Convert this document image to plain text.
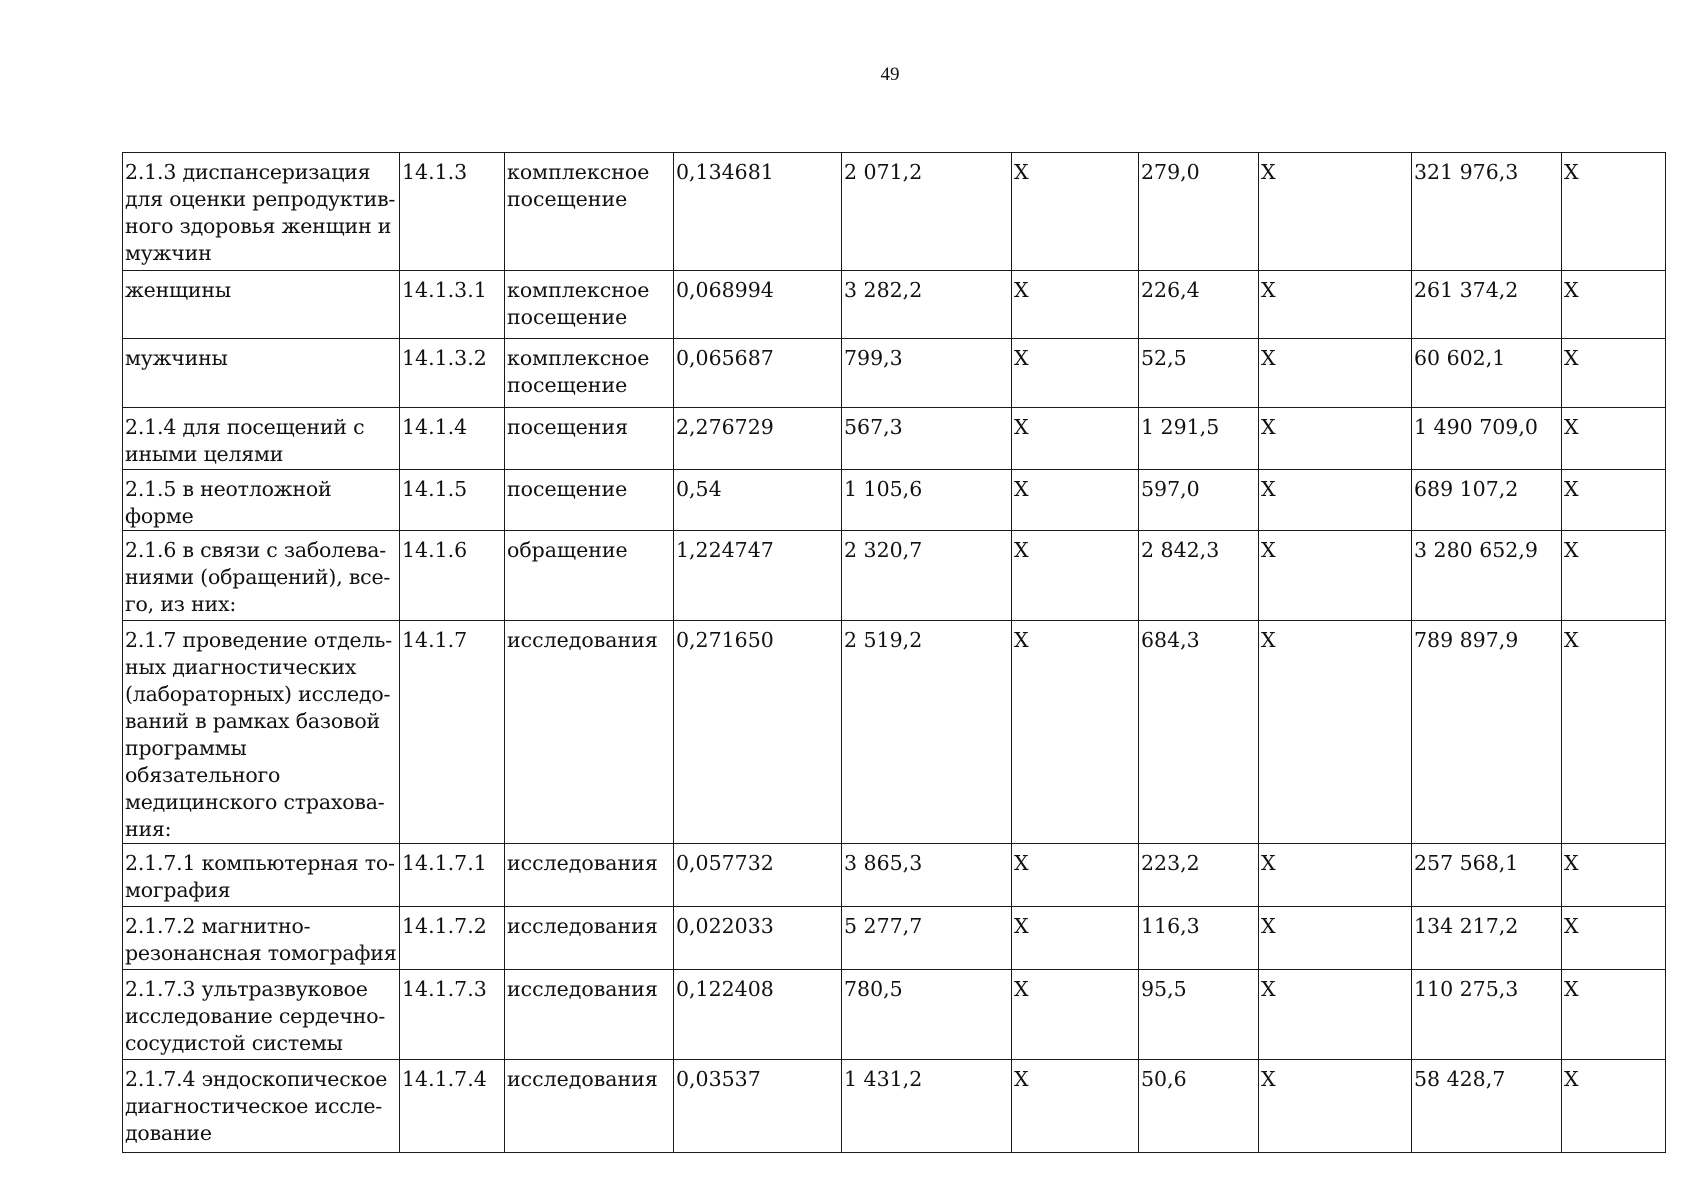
49
2.1.3 диспансеризация для оценки репродуктив-ного здоровья женщин и мужчин	14.1.3	комплексное посещение	0,134681	2 071,2	X	279,0	X	321 976,3	X
женщины	14.1.3.1	комплексное посещение	0,068994	3 282,2	X	226,4	X	261 374,2	X
мужчины	14.1.3.2	комплексное посещение	0,065687	799,3	X	52,5	X	60 602,1	X
2.1.4 для посещений с иными целями	14.1.4	посещения	2,276729	567,3	X	1 291,5	X	1 490 709,0	X
2.1.5 в неотложной форме	14.1.5	посещение	0,54	1 105,6	X	597,0	X	689 107,2	X
2.1.6 в связи с заболева-ниями (обращений), все-го, из них:	14.1.6	обращение	1,224747	2 320,7	X	2 842,3	X	3 280 652,9	X
2.1.7 проведение отдель-ных диагностических (лабораторных) исследо-ваний в рамках базовой программы обязательного медицинского страхова-ния:	14.1.7	исследования	0,271650	2 519,2	X	684,3	X	789 897,9	X
2.1.7.1 компьютерная то-мография	14.1.7.1	исследования	0,057732	3 865,3	X	223,2	X	257 568,1	X
2.1.7.2 магнитно-резонансная томография	14.1.7.2	исследования	0,022033	5 277,7	X	116,3	X	134 217,2	X
2.1.7.3 ультразвуковое исследование сердечно-сосудистой системы	14.1.7.3	исследования	0,122408	780,5	X	95,5	X	110 275,3	X
2.1.7.4 эндоскопическое диагностическое иссле-дование	14.1.7.4	исследования	0,03537	1 431,2	X	50,6	X	58 428,7	X
